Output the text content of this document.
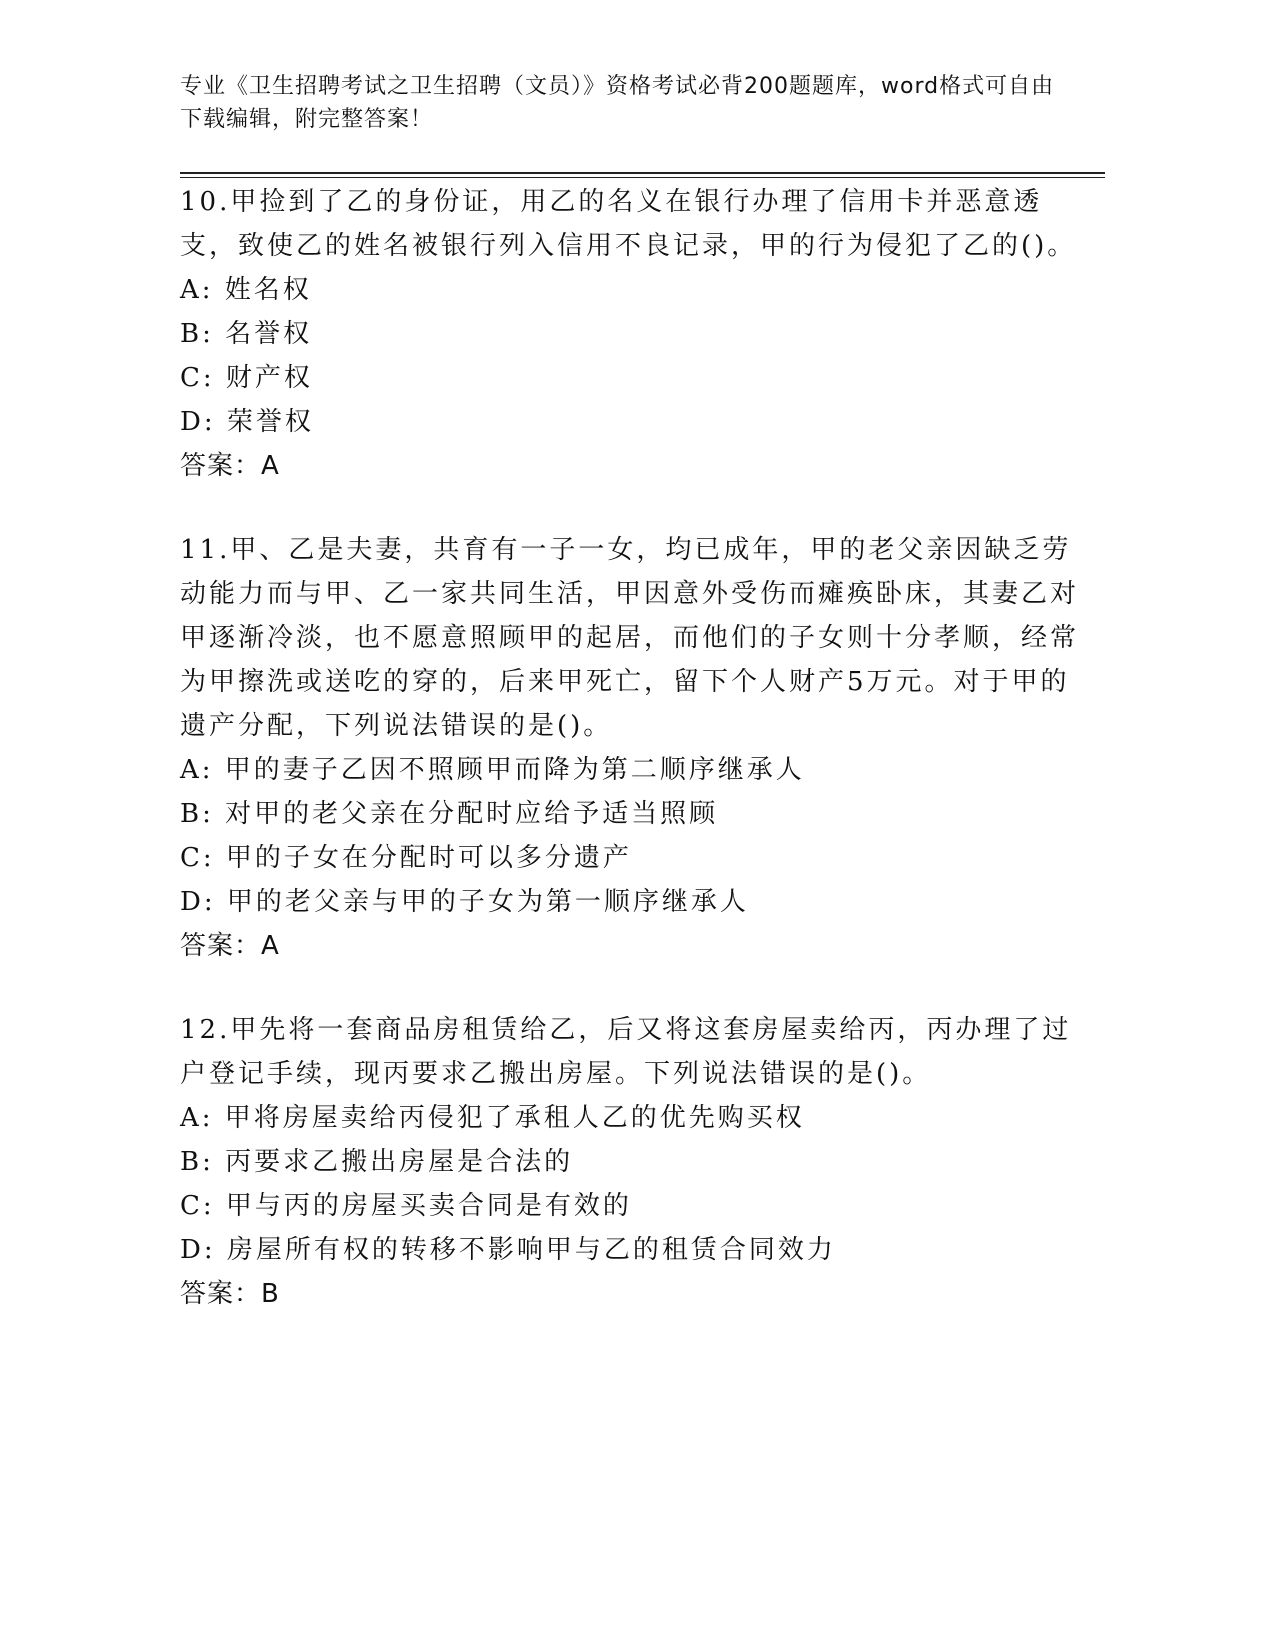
专业《卫生招聘考试之卫生招聘（文员）》资格考试必背200题题库，word格式可自由下载编辑，附完整答案！
10.甲捡到了乙的身份证，用乙的名义在银行办理了信用卡并恶意透支，致使乙的姓名被银行列入信用不良记录，甲的行为侵犯了乙的()。
A: 姓名权
B: 名誉权
C: 财产权
D: 荣誉权
答案：A
11.甲、乙是夫妻，共育有一子一女，均已成年，甲的老父亲因缺乏劳动能力而与甲、乙一家共同生活，甲因意外受伤而瘫痪卧床，其妻乙对甲逐渐冷淡，也不愿意照顾甲的起居，而他们的子女则十分孝顺，经常为甲擦洗或送吃的穿的，后来甲死亡，留下个人财产5万元。对于甲的遗产分配，下列说法错误的是()。
A: 甲的妻子乙因不照顾甲而降为第二顺序继承人
B: 对甲的老父亲在分配时应给予适当照顾
C: 甲的子女在分配时可以多分遗产
D: 甲的老父亲与甲的子女为第一顺序继承人
答案：A
12.甲先将一套商品房租赁给乙，后又将这套房屋卖给丙，丙办理了过户登记手续，现丙要求乙搬出房屋。下列说法错误的是()。
A: 甲将房屋卖给丙侵犯了承租人乙的优先购买权
B: 丙要求乙搬出房屋是合法的
C: 甲与丙的房屋买卖合同是有效的
D: 房屋所有权的转移不影响甲与乙的租赁合同效力
答案：B
